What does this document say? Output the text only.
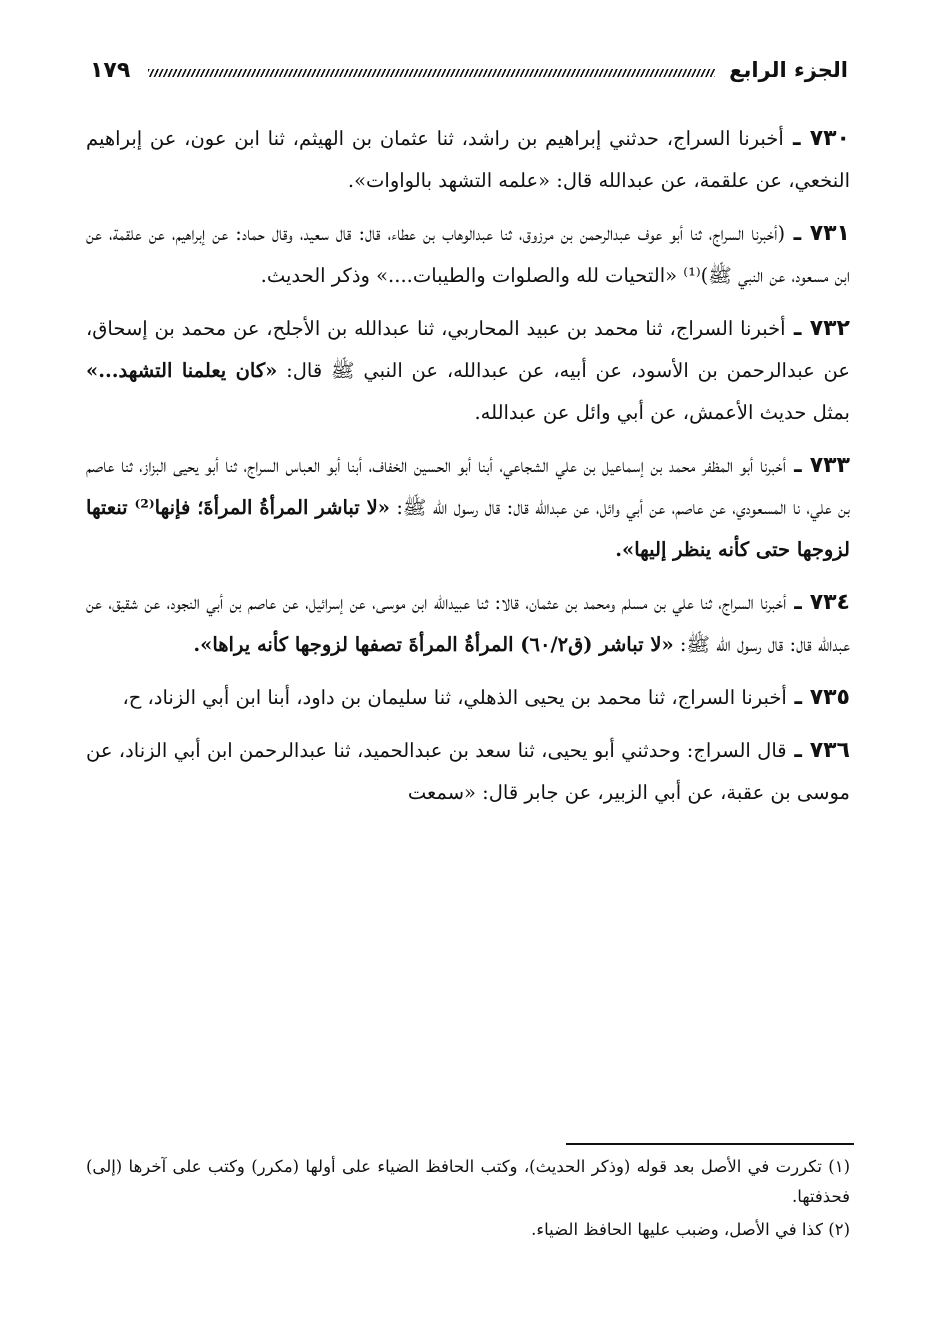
الجزء الرابع
١٧٩

٧٣٠ ـ أخبرنا السراج، حدثني إبراهيم بن راشد، ثنا عثمان بن الهيثم، ثنا ابن عون، عن إبراهيم النخعي، عن علقمة، عن عبدالله قال: «علمه التشهد بالواوات».

٧٣١ ـ (أخبرنا السراج، ثنا أبو عوف عبدالرحمن بن مرزوق، ثنا عبدالوهاب بن عطاء، قال: قال سعيد، وقال حماد: عن إبراهيم، عن علقمة، عن ابن مسعود، عن النبي ﷺ)⁽¹⁾ «التحيات لله والصلوات والطيبات....» وذكر الحديث.

٧٣٢ ـ أخبرنا السراج، ثنا محمد بن عبيد المحاربي، ثنا عبدالله بن الأجلح، عن محمد بن إسحاق، عن عبدالرحمن بن الأسود، عن أبيه، عن عبدالله، عن النبي ﷺ قال: «كان يعلمنا التشهد...» بمثل حديث الأعمش، عن أبي وائل عن عبدالله.

٧٣٣ ـ أخبرنا أبو المظفر محمد بن إسماعيل بن علي الشجاعي، أبنا أبو الحسين الخفاف، أبنا أبو العباس السراج، ثنا أبو يحيى البزاز، ثنا عاصم بن علي، نا المسعودي، عن عاصم، عن أبي وائل، عن عبدالله قال: قال رسول الله ﷺ: «لا تباشر المرأةُ المرأةَ؛ فإنها⁽²⁾ تنعتها لزوجها حتى كأنه ينظر إليها».

٧٣٤ ـ أخبرنا السراج، ثنا علي بن مسلم ومحمد بن عثمان، قالا: ثنا عبيدالله ابن موسى، عن إسرائيل، عن عاصم بن أبي النجود، عن شقيق، عن عبدالله قال: قال رسول الله ﷺ: «لا تباشر (ق٦٠/٢) المرأةُ المرأةَ تصفها لزوجها كأنه يراها».

٧٣٥ ـ أخبرنا السراج، ثنا محمد بن يحيى الذهلي، ثنا سليمان بن داود، أبنا ابن أبي الزناد، ح،

٧٣٦ ـ قال السراج: وحدثني أبو يحيى، ثنا سعد بن عبدالحميد، ثنا عبدالرحمن ابن أبي الزناد، عن موسى بن عقبة، عن أبي الزبير، عن جابر قال: «سمعت

(١) تكررت في الأصل بعد قوله (وذكر الحديث)، وكتب الحافظ الضياء على أولها (مكرر) وكتب على آخرها (إلى) فحذفتها.

(٢) كذا في الأصل، وضبب عليها الحافظ الضياء.
